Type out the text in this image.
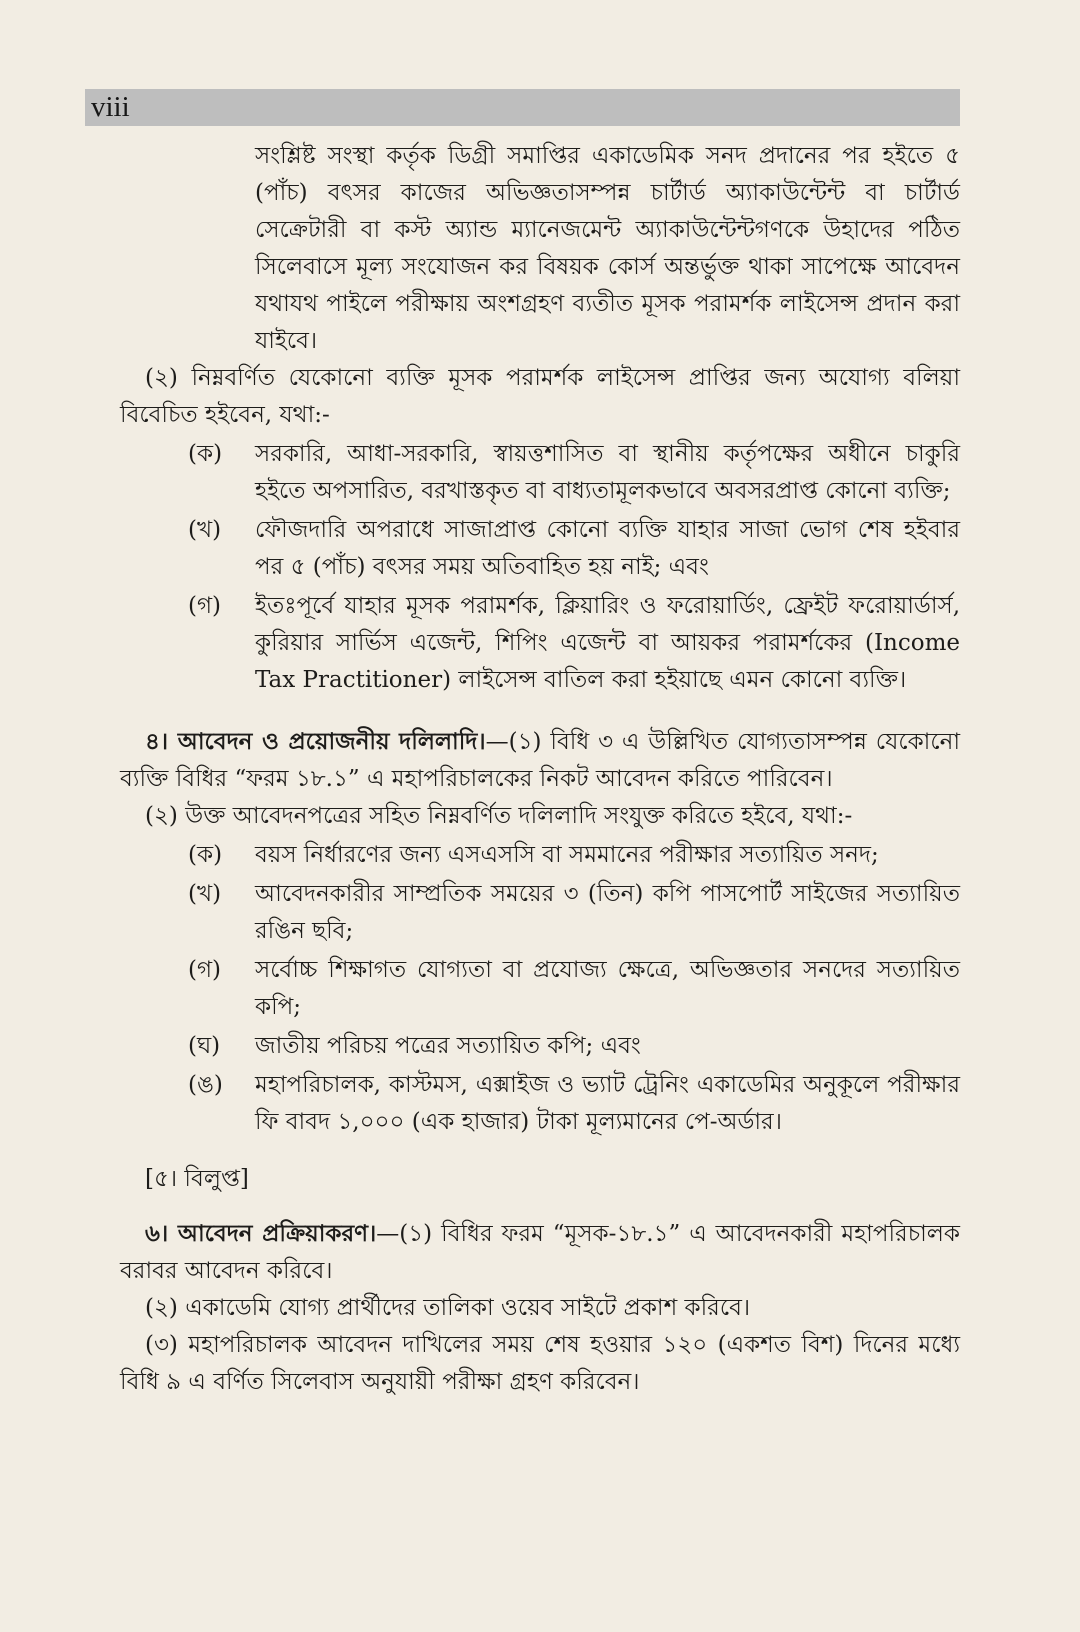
viii

সংশ্লিষ্ট সংস্থা কর্তৃক ডিগ্রী সমাপ্তির একাডেমিক সনদ প্রদানের পর হইতে ৫ (পাঁচ) বৎসর কাজের অভিজ্ঞতাসম্পন্ন চার্টার্ড অ্যাকাউন্টেন্ট বা চার্টার্ড সেক্রেটারী বা কস্ট অ্যান্ড ম্যানেজমেন্ট অ্যাকাউন্টেন্টগণকে উহাদের পঠিত সিলেবাসে মূল্য সংযোজন কর বিষয়ক কোর্স অন্তর্ভুক্ত থাকা সাপেক্ষে আবেদন যথাযথ পাইলে পরীক্ষায় অংশগ্রহণ ব্যতীত মূসক পরামর্শক লাইসেন্স প্রদান করা যাইবে।

(২) নিম্নবর্ণিত যেকোনো ব্যক্তি মূসক পরামর্শক লাইসেন্স প্রাপ্তির জন্য অযোগ্য বলিয়া বিবেচিত হইবেন, যথা:-

(ক) সরকারি, আধা-সরকারি, স্বায়ত্তশাসিত বা স্থানীয় কর্তৃপক্ষের অধীনে চাকুরি হইতে অপসারিত, বরখাস্তকৃত বা বাধ্যতামূলকভাবে অবসরপ্রাপ্ত কোনো ব্যক্তি;
(খ) ফৌজদারি অপরাধে সাজাপ্রাপ্ত কোনো ব্যক্তি যাহার সাজা ভোগ শেষ হইবার পর ৫ (পাঁচ) বৎসর সময় অতিবাহিত হয় নাই; এবং
(গ) ইতঃপূর্বে যাহার মূসক পরামর্শক, ক্লিয়ারিং ও ফরোয়ার্ডিং, ফ্রেইট ফরোয়ার্ডার্স, কুরিয়ার সার্ভিস এজেন্ট, শিপিং এজেন্ট বা আয়কর পরামর্শকের (Income Tax Practitioner) লাইসেন্স বাতিল করা হইয়াছে এমন কোনো ব্যক্তি।

৪। আবেদন ও প্রয়োজনীয় দলিলাদি।—(১) বিধি ৩ এ উল্লিখিত যোগ্যতাসম্পন্ন যেকোনো ব্যক্তি বিধির “ফরম ১৮.১” এ মহাপরিচালকের নিকট আবেদন করিতে পারিবেন।

(২) উক্ত আবেদনপত্রের সহিত নিম্নবর্ণিত দলিলাদি সংযুক্ত করিতে হইবে, যথা:-

(ক) বয়স নির্ধারণের জন্য এসএসসি বা সমমানের পরীক্ষার সত্যায়িত সনদ;
(খ) আবেদনকারীর সাম্প্রতিক সময়ের ৩ (তিন) কপি পাসপোর্ট সাইজের সত্যায়িত রঙিন ছবি;
(গ) সর্বোচ্চ শিক্ষাগত যোগ্যতা বা প্রযোজ্য ক্ষেত্রে, অভিজ্ঞতার সনদের সত্যায়িত কপি;
(ঘ) জাতীয় পরিচয় পত্রের সত্যায়িত কপি; এবং
(ঙ) মহাপরিচালক, কাস্টমস, এক্সাইজ ও ভ্যাট ট্রেনিং একাডেমির অনুকূলে পরীক্ষার ফি বাবদ ১,০০০ (এক হাজার) টাকা মূল্যমানের পে-অর্ডার।

[৫। বিলুপ্ত]

৬। আবেদন প্রক্রিয়াকরণ।—(১) বিধির ফরম “মূসক-১৮.১” এ আবেদনকারী মহাপরিচালক বরাবর আবেদন করিবে।

(২) একাডেমি যোগ্য প্রার্থীদের তালিকা ওয়েব সাইটে প্রকাশ করিবে।

(৩) মহাপরিচালক আবেদন দাখিলের সময় শেষ হওয়ার ১২০ (একশত বিশ) দিনের মধ্যে বিধি ৯ এ বর্ণিত সিলেবাস অনুযায়ী পরীক্ষা গ্রহণ করিবেন।
